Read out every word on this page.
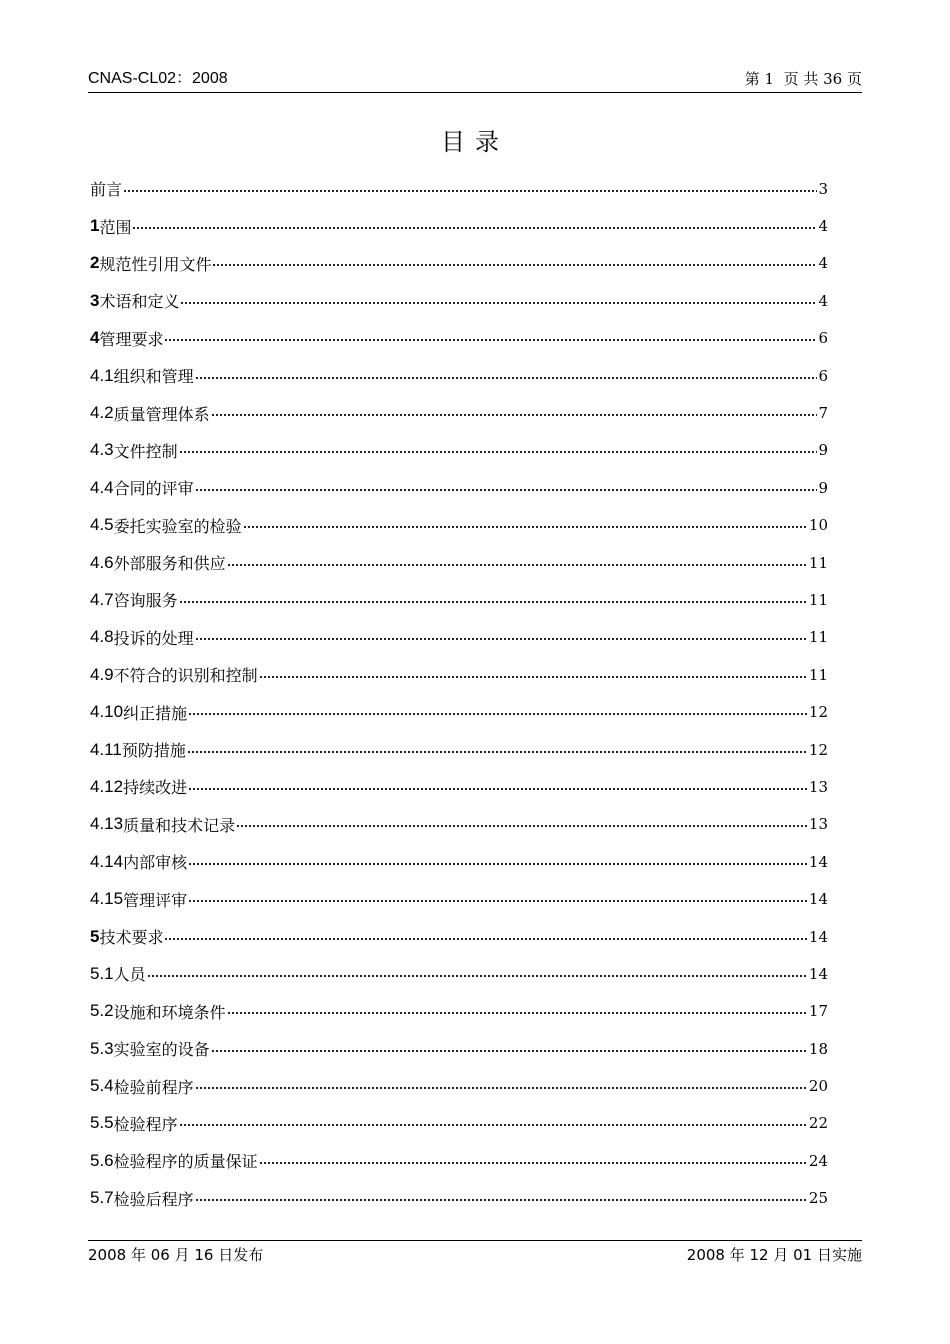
CNAS-CL02：2008	第 1  页 共 36 页
目录
前言	3
1 范围	4
2 规范性引用文件	4
3 术语和定义	4
4 管理要求	6
4.1 组织和管理	6
4.2 质量管理体系	7
4.3 文件控制	9
4.4 合同的评审	9
4.5 委托实验室的检验	10
4.6 外部服务和供应	11
4.7 咨询服务	11
4.8 投诉的处理	11
4.9 不符合的识别和控制	11
4.10 纠正措施	12
4.11 预防措施	12
4.12 持续改进	13
4.13 质量和技术记录	13
4.14 内部审核	14
4.15 管理评审	14
5 技术要求	14
5.1 人员	14
5.2 设施和环境条件	17
5.3 实验室的设备	18
5.4 检验前程序	20
5.5 检验程序	22
5.6 检验程序的质量保证	24
5.7 检验后程序	25
2008 年 06 月 16 日发布	2008 年 12 月 01 日实施
